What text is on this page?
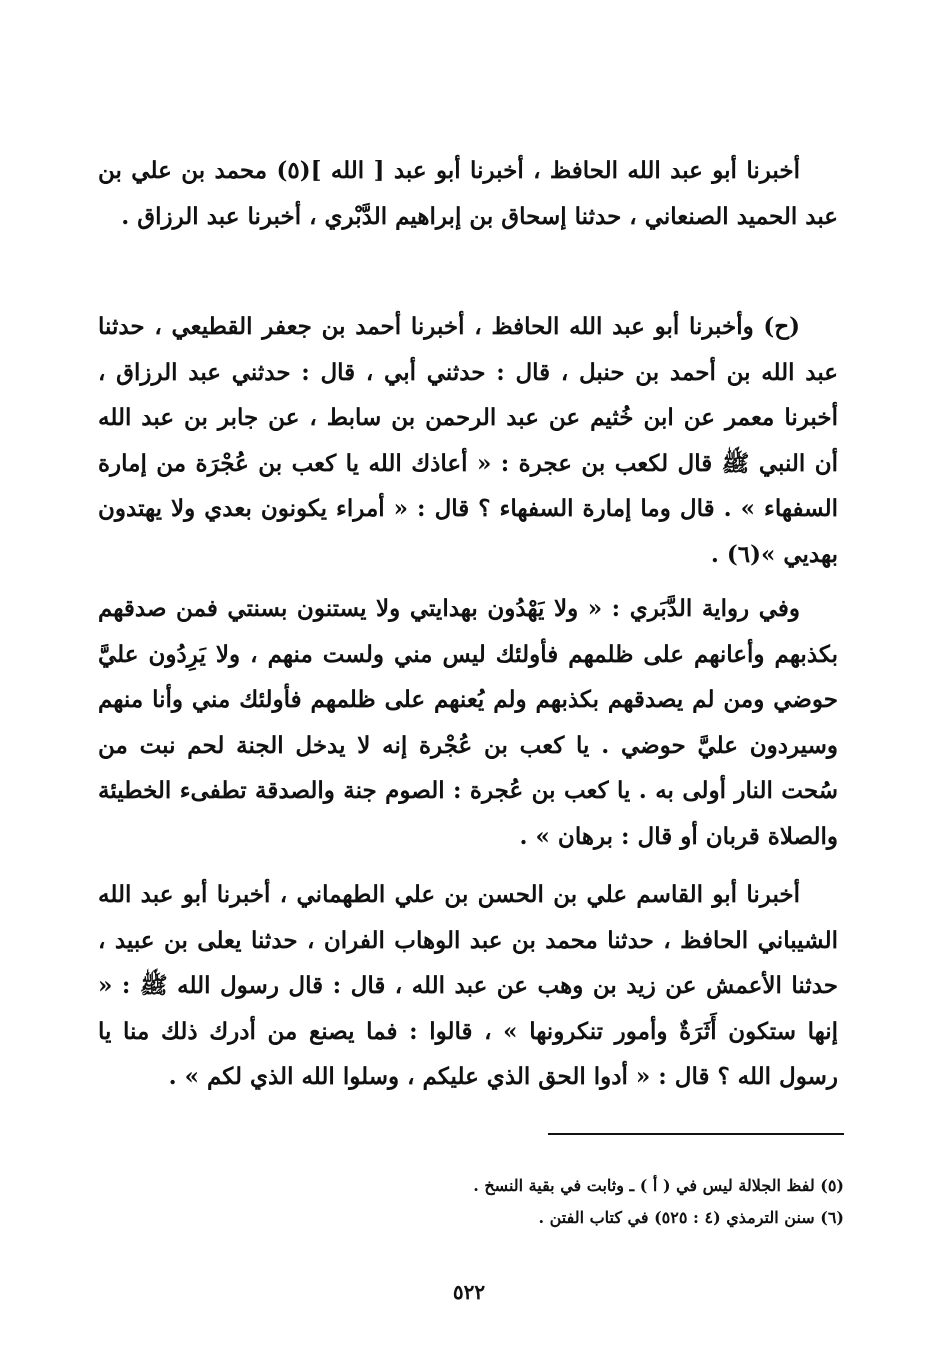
أخبرنا أبو عبد الله الحافظ ، أخبرنا أبو عبد [ الله ](٥) محمد بن علي بن عبد الحميد الصنعاني ، حدثنا إسحاق بن إبراهيم الدَّبْري ، أخبرنا عبد الرزاق .

(ح) وأخبرنا أبو عبد الله الحافظ ، أخبرنا أحمد بن جعفر القطيعي ، حدثنا عبد الله بن أحمد بن حنبل ، قال : حدثني أبي ، قال : حدثني عبد الرزاق ، أخبرنا معمر عن ابن خُثيم عن عبد الرحمن بن سابط ، عن جابر بن عبد الله أن النبي ﷺ قال لكعب بن عجرة : « أعاذك الله يا كعب بن عُجْرَة من إمارة السفهاء » . قال وما إمارة السفهاء ؟ قال : « أمراء يكونون بعدي ولا يهتدون بهديي »(٦) .

وفي رواية الدَّبَري : « ولا يَهْدُون بهدايتي ولا يستنون بسنتي فمن صدقهم بكذبهم وأعانهم على ظلمهم فأولئك ليس مني ولست منهم ، ولا يَرِدُون عليَّ حوضي ومن لم يصدقهم بكذبهم ولم يُعنهم على ظلمهم فأولئك مني وأنا منهم وسيردون عليَّ حوضي . يا كعب بن عُجْرة إنه لا يدخل الجنة لحم نبت من سُحت النار أولى به . يا كعب بن عُجرة : الصوم جنة والصدقة تطفىء الخطيئة والصلاة قربان أو قال : برهان » .

أخبرنا أبو القاسم علي بن الحسن بن علي الطهماني ، أخبرنا أبو عبد الله الشيباني الحافظ ، حدثنا محمد بن عبد الوهاب الفران ، حدثنا يعلى بن عبيد ، حدثنا الأعمش عن زيد بن وهب عن عبد الله ، قال : قال رسول الله ﷺ : « إنها ستكون أَثَرَةٌ وأمور تنكرونها » ، قالوا : فما يصنع من أدرك ذلك منا يا رسول الله ؟ قال : « أدوا الحق الذي عليكم ، وسلوا الله الذي لكم » .

(٥) لفظ الجلالة ليس في ( أ ) ـ وثابت في بقية النسخ .

(٦) سنن الترمذي (٤ : ٥٢٥) في كتاب الفتن .

٥٢٢
